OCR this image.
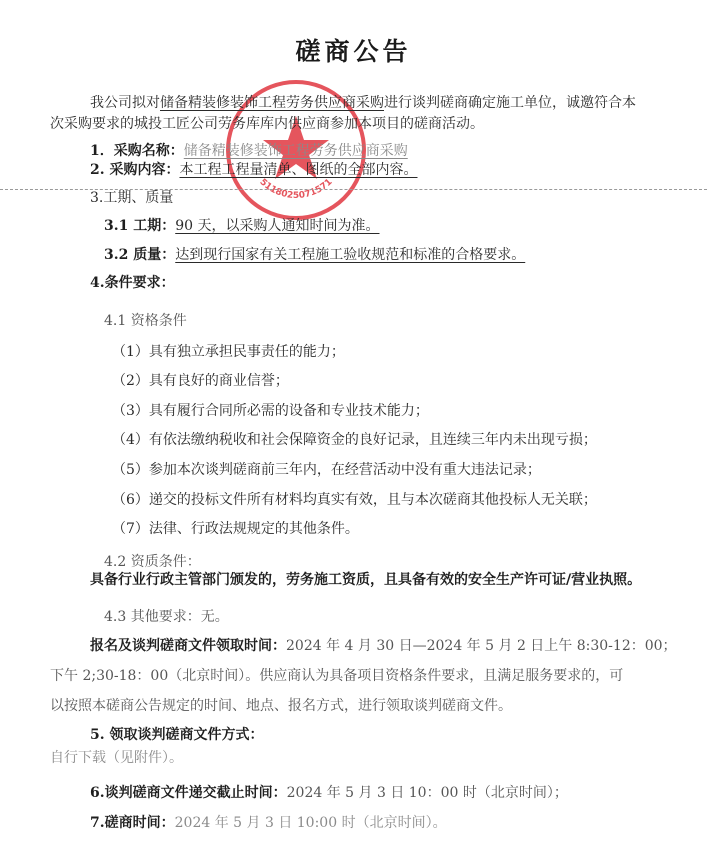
5118025071571
磋商公告
我公司拟对储备精装修装饰工程劳务供应商采购进行谈判磋商确定施工单位，诚邀符合本
次采购要求的城投工匠公司劳务库库内供应商参加本项目的磋商活动。
1．采购名称：储备精装修装饰工程劳务供应商采购
2. 采购内容：本工程工程量清单、图纸的全部内容。
3.工期、质量
3.1 工期：90 天，以采购人通知时间为准。
3.2 质量：达到现行国家有关工程施工验收规范和标准的合格要求。
4.条件要求：
4.1 资格条件
（1）具有独立承担民事责任的能力；
（2）具有良好的商业信誉；
（3）具有履行合同所必需的设备和专业技术能力；
（4）有依法缴纳税收和社会保障资金的良好记录，且连续三年内未出现亏损；
（5）参加本次谈判磋商前三年内，在经营活动中没有重大违法记录；
（6）递交的投标文件所有材料均真实有效，且与本次磋商其他投标人无关联；
（7）法律、行政法规规定的其他条件。
4.2 资质条件：
具备行业行政主管部门颁发的，劳务施工资质，且具备有效的安全生产许可证/营业执照。
4.3 其他要求：无。
报名及谈判磋商文件领取时间：2024 年 4 月 30 日—2024 年 5 月 2 日上午 8:30-12：00；
下午 2;30-18：00（北京时间）。供应商认为具备项目资格条件要求，且满足服务要求的，可
以按照本磋商公告规定的时间、地点、报名方式，进行领取谈判磋商文件。
5. 领取谈判磋商文件方式：
自行下载（见附件）。
6.谈判磋商文件递交截止时间：2024 年 5 月 3 日 10：00 时（北京时间）；
7.磋商时间：2024 年 5 月 3 日 10:00 时（北京时间）。
